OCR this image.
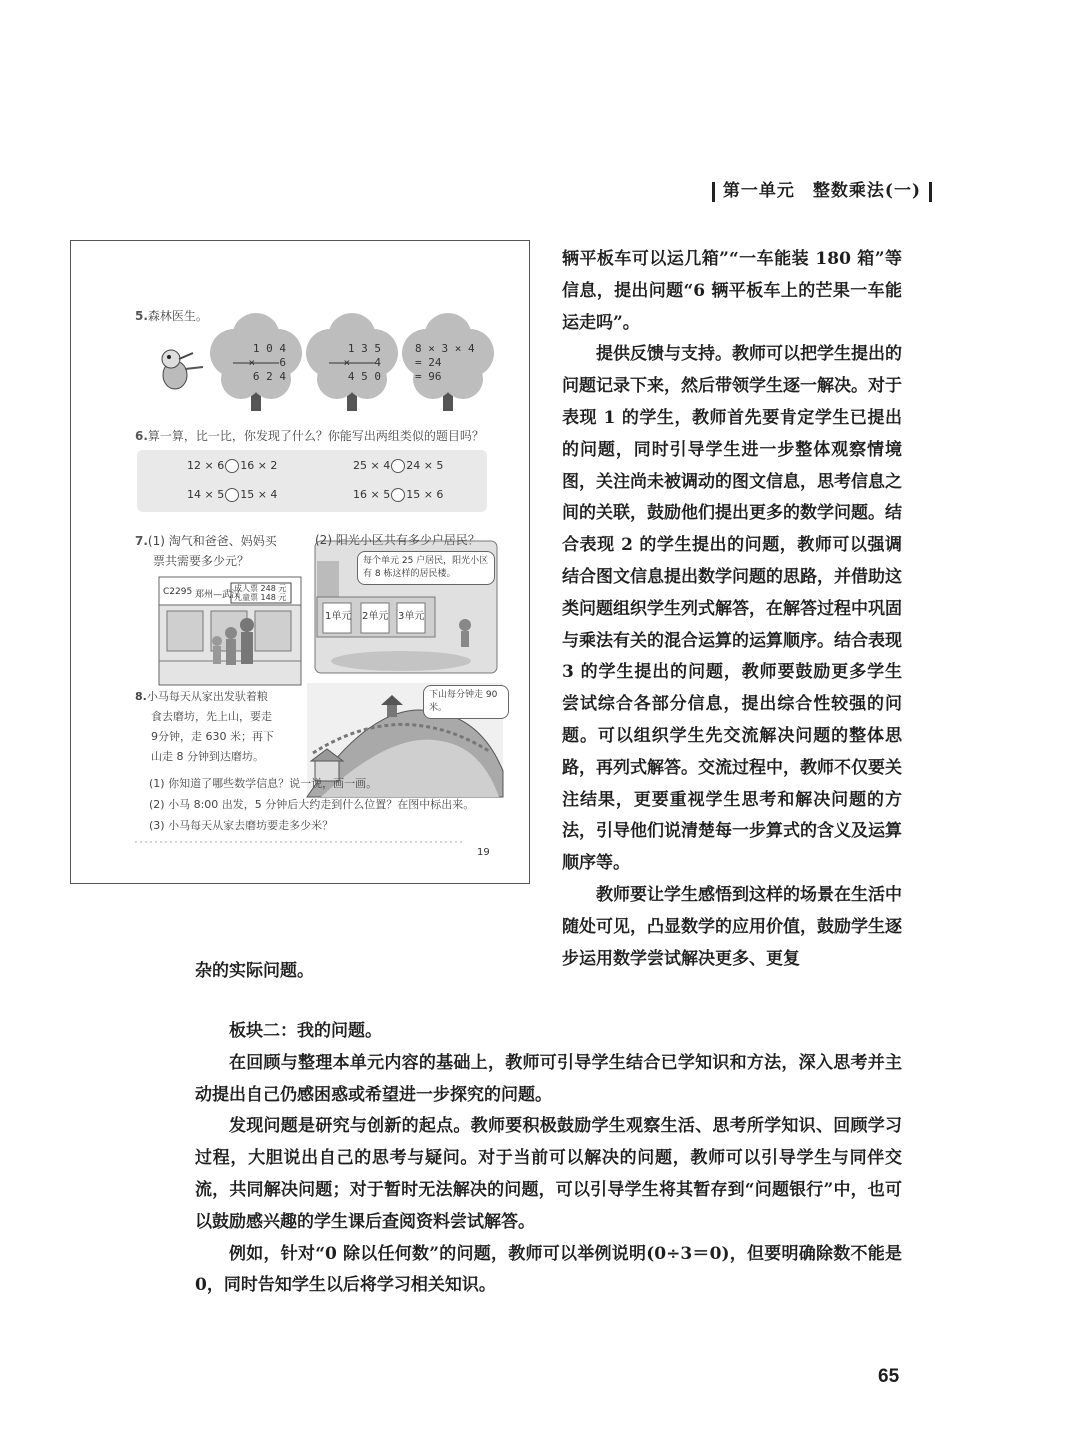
第一单元　整数乘法(一)
5.森林医生。
1 0 4
× 　 6
6 2 4
1 3 5
× 　 4
4 5 0
8 × 3 × 4
= 24
= 96
6.算一算，比一比，你发现了什么？你能写出两组类似的题目吗？
12 × 6 16 × 2	25 × 4 24 × 5
14 × 5 15 × 4	16 × 5 15 × 6
7.(1) 淘气和爸爸、妈妈买
票共需要多少元？
(2) 阳光小区共有多少户居民？
C2295 郑州—武汉
成人票 248 元
儿童票 148 元
每个单元 25 户居民，阳光小区有 8 栋这样的居民楼。
1单元 2单元 3单元
8.小马每天从家出发驮着粮
食去磨坊，先上山，要走
9分钟，走 630 米；再下
山走 8 分钟到达磨坊。
下山每分钟走 90 米。
(1) 你知道了哪些数学信息？说一说，画一画。
(2) 小马 8:00 出发，5 分钟后大约走到什么位置？在图中标出来。
(3) 小马每天从家去磨坊要走多少米？
19

辆平板车可以运几箱”“一车能装 180 箱”等信息，提出问题“6 辆平板车上的芒果一车能运走吗”。

提供反馈与支持。教师可以把学生提出的问题记录下来，然后带领学生逐一解决。对于表现 1 的学生，教师首先要肯定学生已提出的问题，同时引导学生进一步整体观察情境图，关注尚未被调动的图文信息，思考信息之间的关联，鼓励他们提出更多的数学问题。结合表现 2 的学生提出的问题，教师可以强调结合图文信息提出数学问题的思路，并借助这类问题组织学生列式解答，在解答过程中巩固与乘法有关的混合运算的运算顺序。结合表现 3 的学生提出的问题，教师要鼓励更多学生尝试综合各部分信息，提出综合性较强的问题。可以组织学生先交流解决问题的整体思路，再列式解答。交流过程中，教师不仅要关注结果，更要重视学生思考和解决问题的方法，引导他们说清楚每一步算式的含义及运算顺序等。

教师要让学生感悟到这样的场景在生活中随处可见，凸显数学的应用价值，鼓励学生逐步运用数学尝试解决更多、更复

杂的实际问题。

板块二：我的问题。

在回顾与整理本单元内容的基础上，教师可引导学生结合已学知识和方法，深入思考并主动提出自己仍感困惑或希望进一步探究的问题。

发现问题是研究与创新的起点。教师要积极鼓励学生观察生活、思考所学知识、回顾学习过程，大胆说出自己的思考与疑问。对于当前可以解决的问题，教师可以引导学生与同伴交流，共同解决问题；对于暂时无法解决的问题，可以引导学生将其暂存到“问题银行”中，也可以鼓励感兴趣的学生课后查阅资料尝试解答。

例如，针对“0 除以任何数”的问题，教师可以举例说明(0÷3＝0)，但要明确除数不能是 0，同时告知学生以后将学习相关知识。

65
